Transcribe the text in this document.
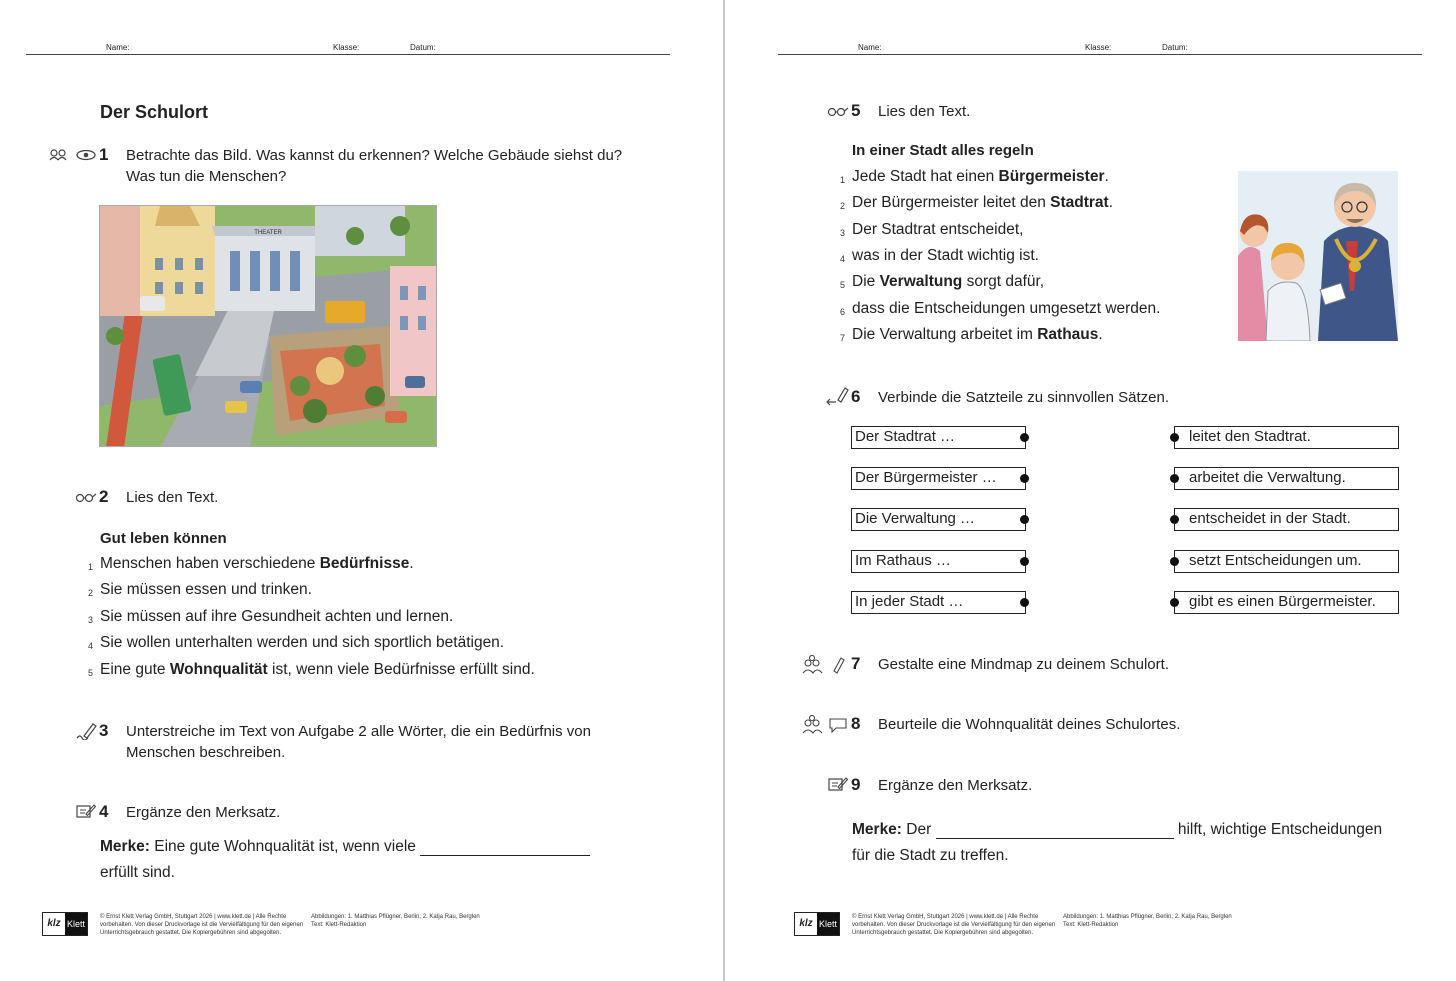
Name:	Klasse:	Datum:
Der Schulort
1 Betrachte das Bild. Was kannst du erkennen? Welche Gebäude siehst du? Was tun die Menschen?
THEATER
2 Lies den Text.
Gut leben können
1 Menschen haben verschiedene Bedürfnisse.
2 Sie müssen essen und trinken.
3 Sie müssen auf ihre Gesundheit achten und lernen.
4 Sie wollen unterhalten werden und sich sportlich betätigen.
5 Eine gute Wohnqualität ist, wenn viele Bedürfnisse erfüllt sind.
3 Unterstreiche im Text von Aufgabe 2 alle Wörter, die ein Bedürfnis von Menschen beschreiben.
4 Ergänze den Merksatz.
Merke: Eine gute Wohnqualität ist, wenn viele
erfüllt sind.
klz Klett
© Ernst Klett Verlag GmbH, Stuttgart 2026 | www.klett.de | Alle Rechte vorbehalten. Von dieser Druckvorlage ist die Vervielfältigung für den eigenen Unterrichtsgebrauch gestattet. Die Kopiergebühren sind abgegolten.
Abbildungen: 1. Matthias Pflügner, Berlin; 2. Katja Rau, Berglen
Text: Klett-Redaktion
Name:	Klasse:	Datum:
5 Lies den Text.
In einer Stadt alles regeln
1 Jede Stadt hat einen Bürgermeister.
2 Der Bürgermeister leitet den Stadtrat.
3 Der Stadtrat entscheidet,
4 was in der Stadt wichtig ist.
5 Die Verwaltung sorgt dafür,
6 dass die Entscheidungen umgesetzt werden.
7 Die Verwaltung arbeitet im Rathaus.
6 Verbinde die Satzteile zu sinnvollen Sätzen.
Der Stadtrat …	leitet den Stadtrat.
Der Bürgermeister …	arbeitet die Verwaltung.
Die Verwaltung …	entscheidet in der Stadt.
Im Rathaus …	setzt Entscheidungen um.
In jeder Stadt …	gibt es einen Bürgermeister.
7 Gestalte eine Mindmap zu deinem Schulort.
8 Beurteile die Wohnqualität deines Schulortes.
9 Ergänze den Merksatz.
Merke: Der	hilft, wichtige Entscheidungen
für die Stadt zu treffen.
klz Klett
© Ernst Klett Verlag GmbH, Stuttgart 2026 | www.klett.de | Alle Rechte vorbehalten. Von dieser Druckvorlage ist die Vervielfältigung für den eigenen Unterrichtsgebrauch gestattet. Die Kopiergebühren sind abgegolten.
Abbildungen: 1. Matthias Pflügner, Berlin; 2. Katja Rau, Berglen
Text: Klett-Redaktion
